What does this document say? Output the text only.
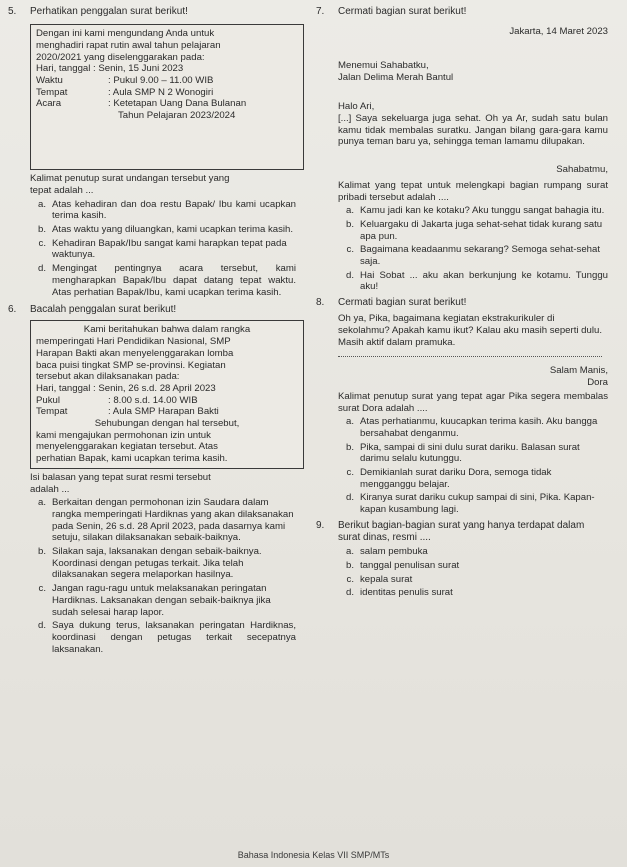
5.	Perhatikan penggalan surat berikut!
Dengan ini kami mengundang Anda untuk
menghadiri rapat rutin awal tahun pelajaran
2020/2021 yang diselenggarakan pada:
Hari, tanggal : Senin, 15 Juni 2023
Waktu	: Pukul 9.00 – 11.00 WIB
Tempat	: Aula SMP N 2 Wonogiri
Acara	: Ketetapan Uang Dana Bulanan
Tahun Pelajaran 2023/2024
Kalimat penutup surat undangan tersebut yang
tepat adalah ...
a. Atas kehadiran dan doa restu Bapak/ Ibu kami ucapkan terima kasih.
b. Atas waktu yang diluangkan, kami ucapkan terima kasih.
c. Kehadiran Bapak/Ibu sangat kami harapkan tepat pada waktunya.
d. Mengingat pentingnya acara tersebut, kami mengharapkan Bapak/Ibu dapat datang tepat waktu. Atas perhatian Bapak/Ibu, kami ucapkan terima kasih.
6.	Bacalah penggalan surat berikut!
Kami beritahukan bahwa dalam rangka
memperingati Hari Pendidikan Nasional, SMP
Harapan Bakti akan menyelenggarakan lomba
baca puisi tingkat SMP se-provinsi. Kegiatan
tersebut akan dilaksanakan pada:
Hari, tanggal : Senin, 26 s.d. 28 April 2023
Pukul	: 8.00 s.d. 14.00 WIB
Tempat	: Aula SMP Harapan Bakti
Sehubungan dengan hal tersebut,
kami mengajukan permohonan izin untuk
menyelenggarakan kegiatan tersebut. Atas
perhatian Bapak, kami ucapkan terima kasih.
Isi balasan yang tepat surat resmi tersebut
adalah ...
a. Berkaitan dengan permohonan izin Saudara dalam rangka memperingati Hardiknas yang akan dilaksanakan pada Senin, 26 s.d. 28 April 2023, pada dasarnya kami setuju, silakan dilaksanakan sebaik-baiknya.
b. Silakan saja, laksanakan dengan sebaik-baiknya. Koordinasi dengan petugas terkait. Jika telah dilaksanakan segera melaporkan hasilnya.
c. Jangan ragu-ragu untuk melaksanakan peringatan Hardiknas. Laksanakan dengan sebaik-baiknya jika sudah selesai harap lapor.
d. Saya dukung terus, laksanakan peringatan Hardiknas, koordinasi dengan petugas terkait secepatnya laksanakan.
7.	Cermati bagian surat berikut!
Jakarta, 14 Maret 2023
Menemui Sahabatku,
Jalan Delima Merah Bantul
Halo Ari,
[...] Saya sekeluarga juga sehat. Oh ya Ar, sudah satu bulan kamu tidak membalas suratku. Jangan bilang gara-gara kamu punya teman baru ya, sehingga teman lamamu dilupakan.
Sahabatmu,
Kalimat yang tepat untuk melengkapi bagian rumpang surat pribadi tersebut adalah ....
a. Kamu jadi kan ke kotaku? Aku tunggu sangat bahagia itu.
b. Keluargaku di Jakarta juga sehat-sehat tidak kurang satu apa pun.
c. Bagaimana keadaanmu sekarang? Semoga sehat-sehat saja.
d. Hai Sobat ... aku akan berkunjung ke kotamu. Tunggu aku!
8.	Cermati bagian surat berikut!
Oh ya, Pika, bagaimana kegiatan ekstrakurikuler di sekolahmu? Apakah kamu ikut? Kalau aku masih seperti dulu. Masih aktif dalam pramuka.
Salam Manis,
Dora
Kalimat penutup surat yang tepat agar Pika segera membalas surat Dora adalah ....
a. Atas perhatianmu, kuucapkan terima kasih. Aku bangga bersahabat denganmu.
b. Pika, sampai di sini dulu surat dariku. Balasan surat darimu selalu kutunggu.
c. Demikianlah surat dariku Dora, semoga tidak mengganggu belajar.
d. Kiranya surat dariku cukup sampai di sini, Pika. Kapan-kapan kusambung lagi.
9.	Berikut bagian-bagian surat yang hanya terdapat dalam surat dinas, resmi ....
a. salam pembuka
b. tanggal penulisan surat
c. kepala surat
d. identitas penulis surat
Bahasa Indonesia Kelas VII SMP/MTs
